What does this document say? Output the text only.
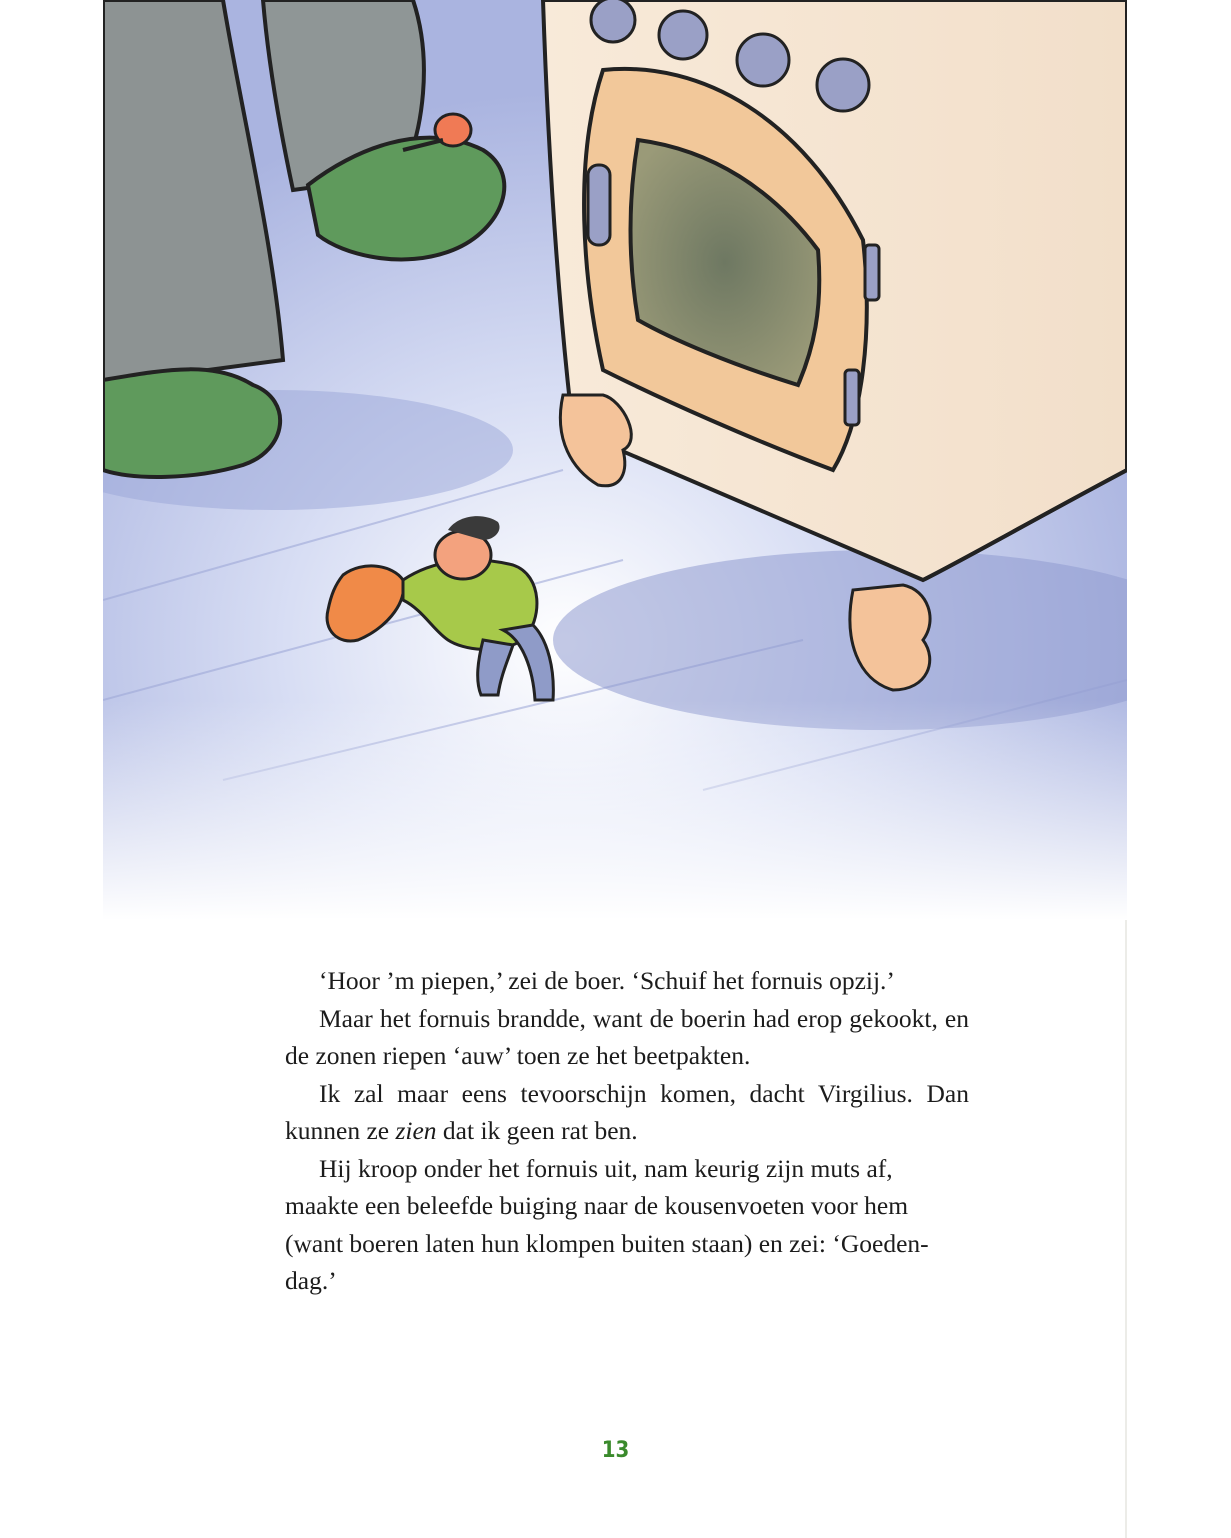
‘Hoor ’m piepen,’ zei de boer. ‘Schuif het fornuis opzij.’

Maar het fornuis brandde, want de boerin had erop gekookt, en de zonen riepen ‘auw’ toen ze het beetpakten.

Ik zal maar eens tevoorschijn komen, dacht Virgilius. Dan kunnen ze zien dat ik geen rat ben.

Hij kroop onder het fornuis uit, nam keurig zijn muts af, maakte een beleefde buiging naar de kousenvoeten voor hem (want boeren laten hun klompen buiten staan) en zei: ‘Goeden-dag.’

13
